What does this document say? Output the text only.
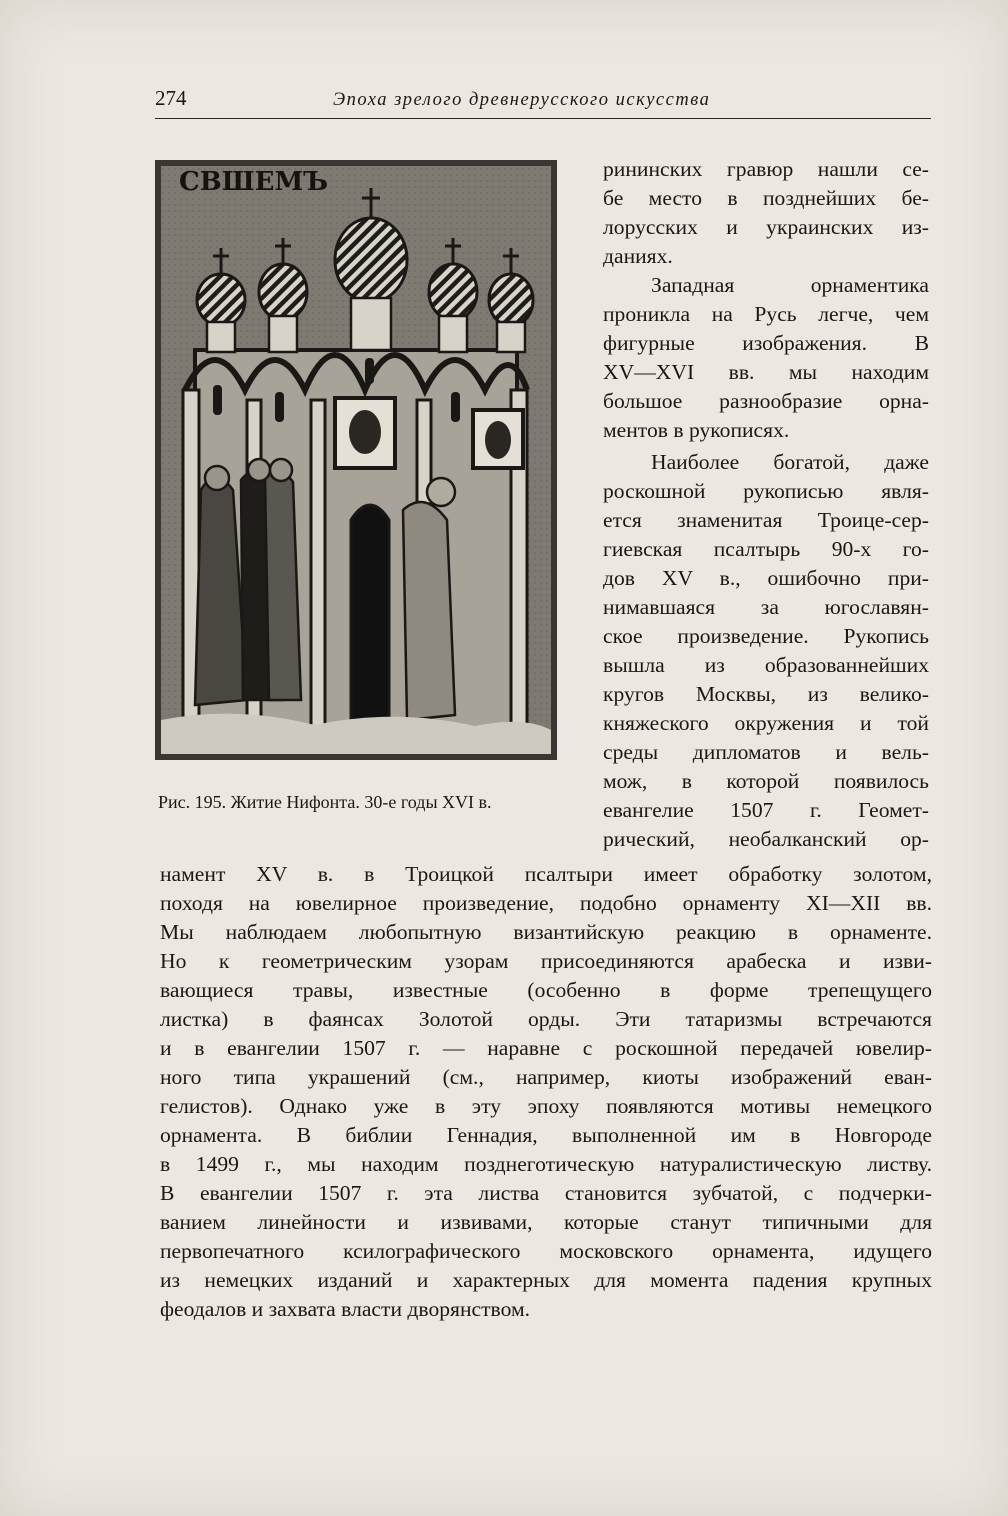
274	Эпоха зрелого древнерусского искусства
СВШЕМЪ
Рис. 195. Житие Нифонта. 30-е годы XVI в.
рининских гравюр нашли се-
бе место в позднейших бе-
лорусских и украинских из-
даниях.
Западная орнаментика
проникла на Русь легче, чем
фигурные изображения. В
XV—XVI вв. мы находим
большое разнообразие орна-
ментов в рукописях.
Наиболее богатой, даже
роскошной рукописью явля-
ется знаменитая Троице-сер-
гиевская псалтырь 90-х го-
дов XV в., ошибочно при-
нимавшаяся за югославян-
ское произведение. Рукопись
вышла из образованнейших
кругов Москвы, из велико-
княжеского окружения и той
среды дипломатов и вель-
мож, в которой появилось
евангелие 1507 г. Геомет-
рический, необалканский ор-
намент XV в. в Троицкой псалтыри имеет обработку золотом,
походя на ювелирное произведение, подобно орнаменту XI—XII вв.
Мы наблюдаем любопытную византийскую реакцию в орнаменте.
Но к геометрическим узорам присоединяются арабеска и изви-
вающиеся травы, известные (особенно в форме трепещущего
листка) в фаянсах Золотой орды. Эти татаризмы встречаются
и в евангелии 1507 г. — наравне с роскошной передачей ювелир-
ного типа украшений (см., например, киоты изображений еван-
гелистов). Однако уже в эту эпоху появляются мотивы немецкого
орнамента. В библии Геннадия, выполненной им в Новгороде
в 1499 г., мы находим позднеготическую натуралистическую листву.
В евангелии 1507 г. эта листва становится зубчатой, с подчерки-
ванием линейности и извивами, которые станут типичными для
первопечатного ксилографического московского орнамента, идущего
из немецких изданий и характерных для момента падения крупных
феодалов и захвата власти дворянством.
